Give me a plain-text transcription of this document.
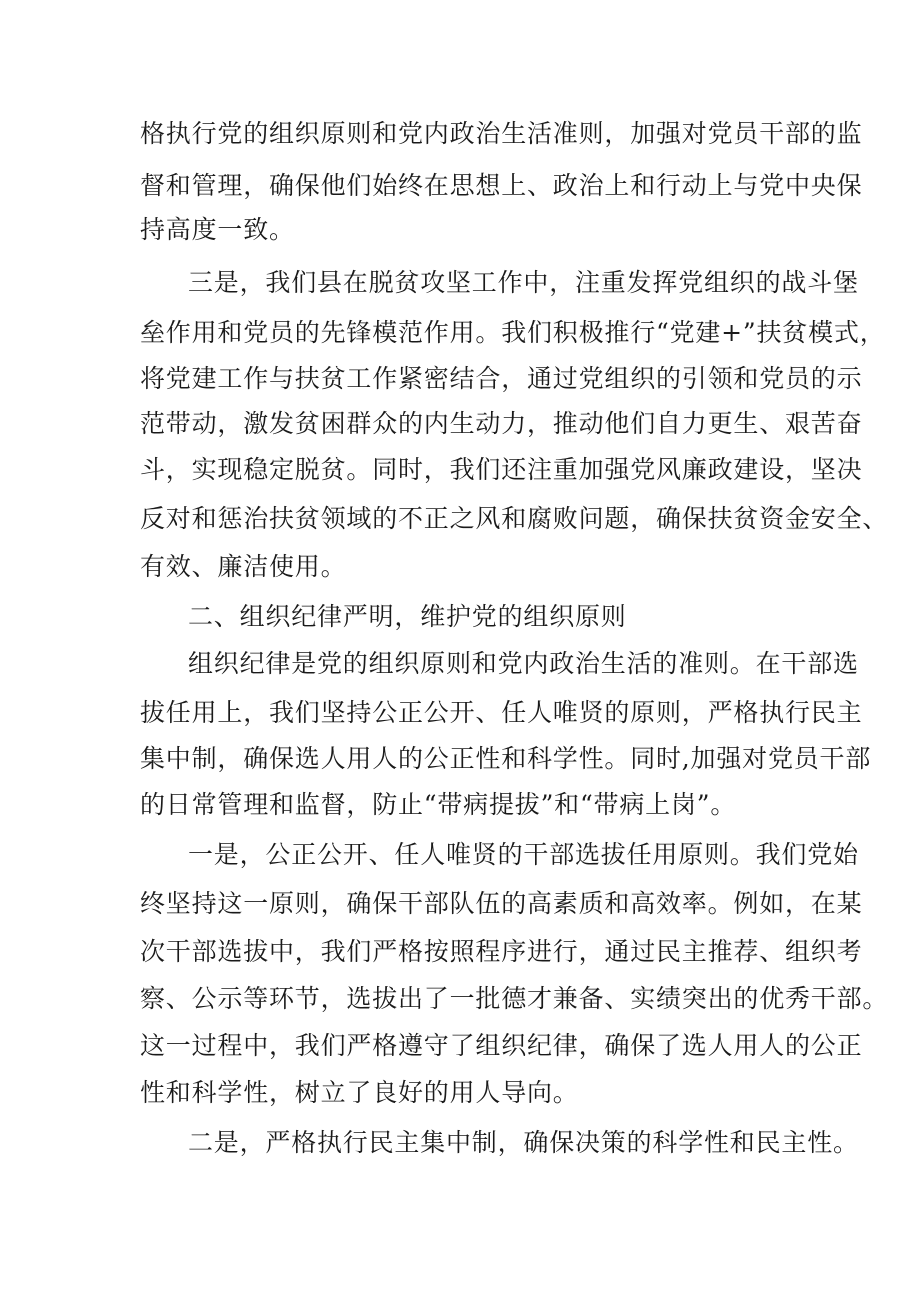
格执行党的组织原则和党内政治生活准则，加强对党员干部的监
督和管理，确保他们始终在思想上、政治上和行动上与党中央保
持高度一致。
三是，我们县在脱贫攻坚工作中，注重发挥党组织的战斗堡
垒作用和党员的先锋模范作用。我们积极推行“党建+”扶贫模式，
将党建工作与扶贫工作紧密结合，通过党组织的引领和党员的示
范带动，激发贫困群众的内生动力，推动他们自力更生、艰苦奋
斗，实现稳定脱贫。同时，我们还注重加强党风廉政建设，坚决
反对和惩治扶贫领域的不正之风和腐败问题，确保扶贫资金安全、
有效、廉洁使用。
二、组织纪律严明，维护党的组织原则
组织纪律是党的组织原则和党内政治生活的准则。在干部选
拔任用上，我们坚持公正公开、任人唯贤的原则，严格执行民主
集中制，确保选人用人的公正性和科学性。同时,加强对党员干部
的日常管理和监督，防止“带病提拔”和“带病上岗”。
一是，公正公开、任人唯贤的干部选拔任用原则。我们党始
终坚持这一原则，确保干部队伍的高素质和高效率。例如，在某
次干部选拔中，我们严格按照程序进行，通过民主推荐、组织考
察、公示等环节，选拔出了一批德才兼备、实绩突出的优秀干部。
这一过程中，我们严格遵守了组织纪律，确保了选人用人的公正
性和科学性，树立了良好的用人导向。
二是，严格执行民主集中制，确保决策的科学性和民主性。
